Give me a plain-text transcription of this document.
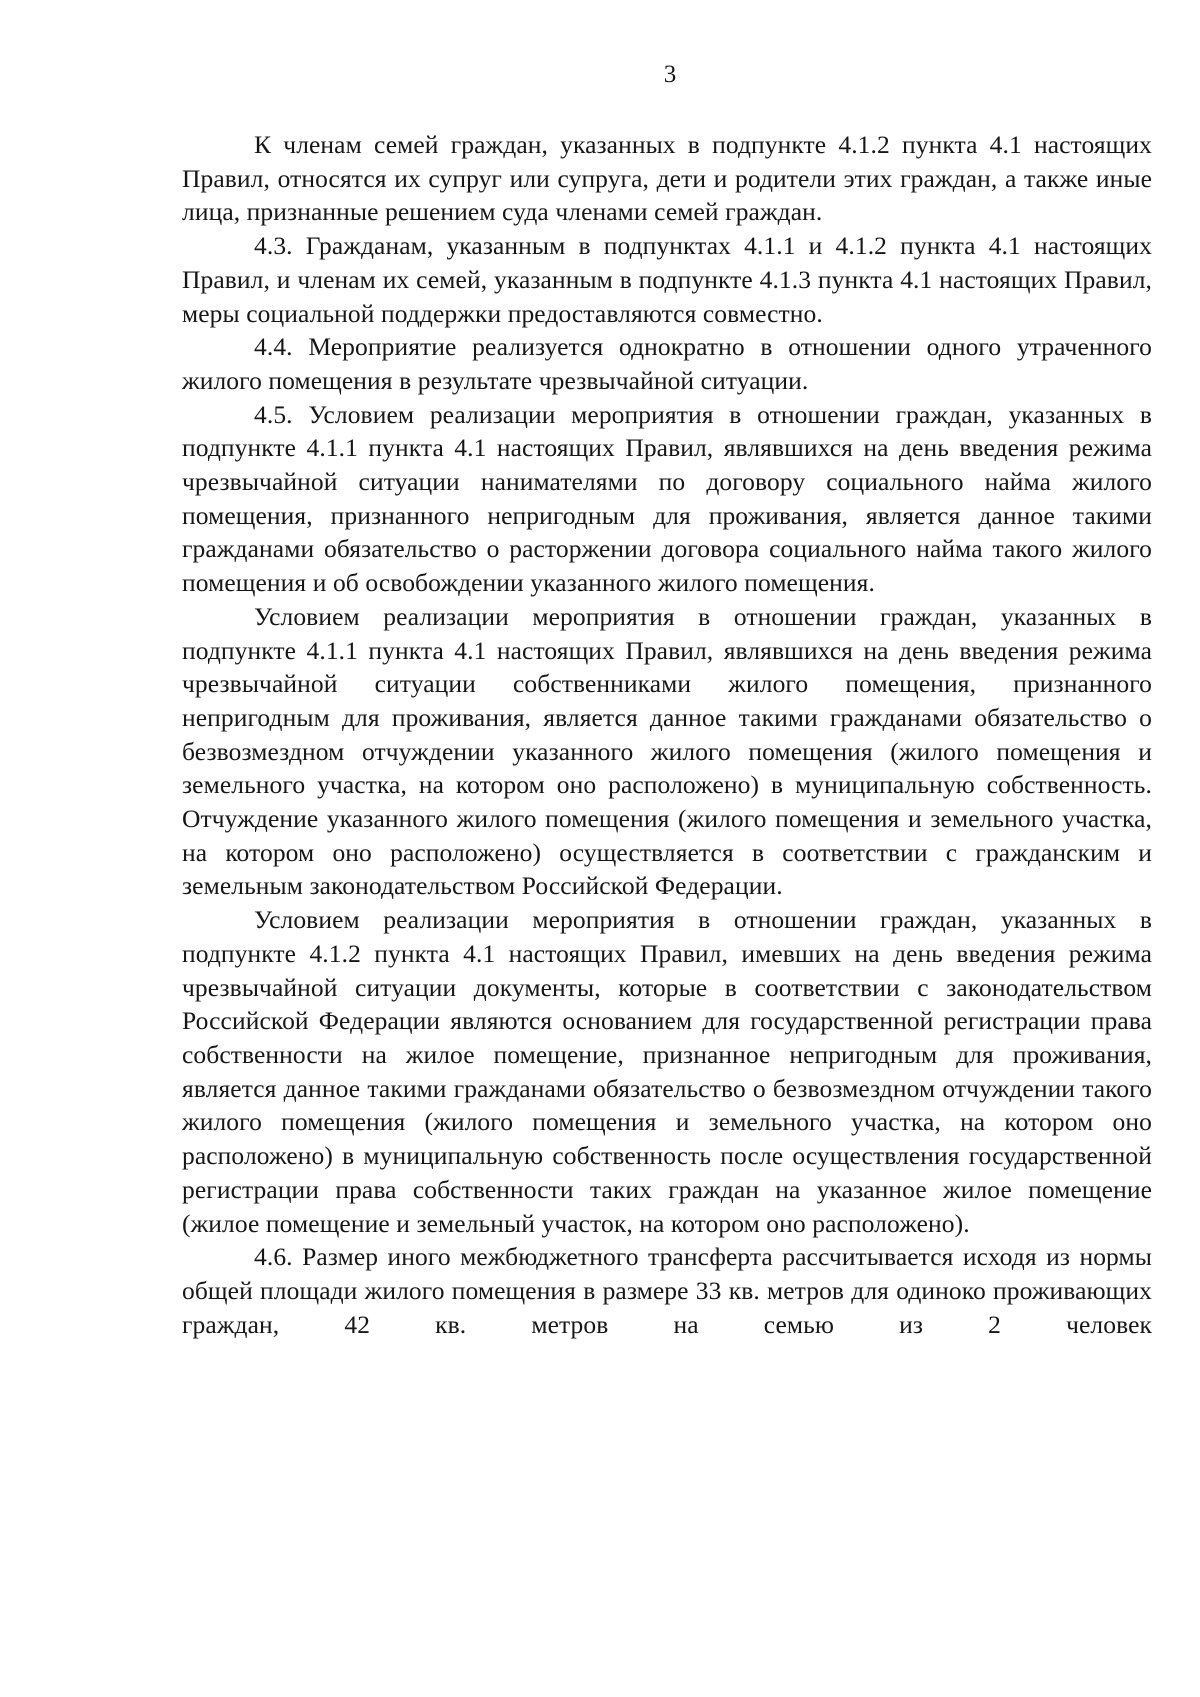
3

К членам семей граждан, указанных в подпункте 4.1.2 пункта 4.1 настоящих Правил, относятся их супруг или супруга, дети и родители этих граждан, а также иные лица, признанные решением суда членами семей граждан.

4.3. Гражданам, указанным в подпунктах 4.1.1 и 4.1.2 пункта 4.1 настоящих Правил, и членам их семей, указанным в подпункте 4.1.3 пункта 4.1 настоящих Правил, меры социальной поддержки предоставляются совместно.

4.4. Мероприятие реализуется однократно в отношении одного утраченного жилого помещения в результате чрезвычайной ситуации.

4.5. Условием реализации мероприятия в отношении граждан, указанных в подпункте 4.1.1 пункта 4.1 настоящих Правил, являвшихся на день введения режима чрезвычайной ситуации нанимателями по договору социального найма жилого помещения, признанного непригодным для проживания, является данное такими гражданами обязательство о расторжении договора социального найма такого жилого помещения и об освобождении указанного жилого помещения.

Условием реализации мероприятия в отношении граждан, указанных в подпункте 4.1.1 пункта 4.1 настоящих Правил, являвшихся на день введения режима чрезвычайной ситуации собственниками жилого помещения, признанного непригодным для проживания, является данное такими гражданами обязательство о безвозмездном отчуждении указанного жилого помещения (жилого помещения и земельного участка, на котором оно расположено) в муниципальную собственность. Отчуждение указанного жилого помещения (жилого помещения и земельного участка, на котором оно расположено) осуществляется в соответствии с гражданским и земельным законодательством Российской Федерации.

Условием реализации мероприятия в отношении граждан, указанных в подпункте 4.1.2 пункта 4.1 настоящих Правил, имевших на день введения режима чрезвычайной ситуации документы, которые в соответствии с законодательством Российской Федерации являются основанием для государственной регистрации права собственности на жилое помещение, признанное непригодным для проживания, является данное такими гражданами обязательство о безвозмездном отчуждении такого жилого помещения (жилого помещения и земельного участка, на котором оно расположено) в муниципальную собственность после осуществления государственной регистрации права собственности таких граждан на указанное жилое помещение (жилое помещение и земельный участок, на котором оно расположено).

4.6. Размер иного межбюджетного трансферта рассчитывается исходя из нормы общей площади жилого помещения в размере 33 кв. метров для одиноко проживающих граждан, 42 кв. метров на семью из 2 человек
